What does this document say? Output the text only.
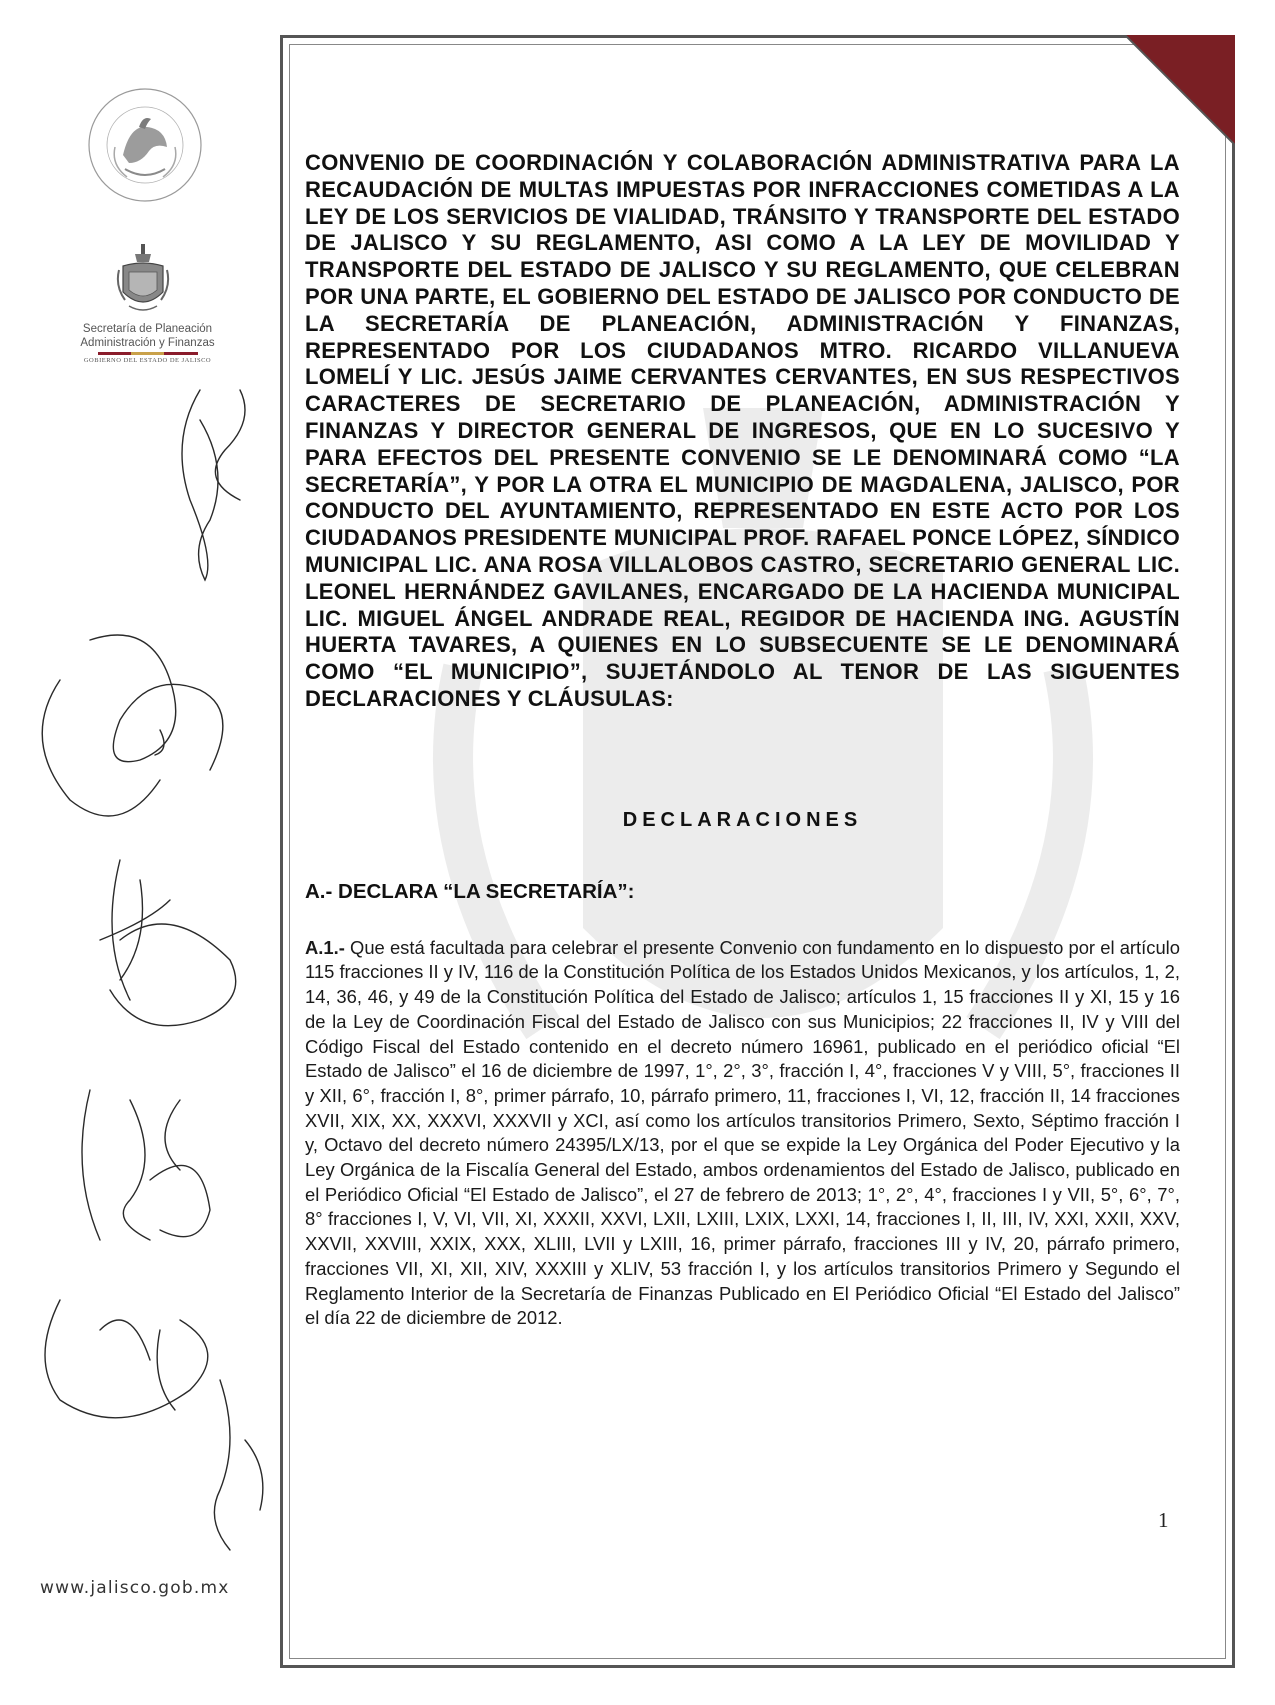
Secretaría de Planeación
Administración y Finanzas
GOBIERNO DEL ESTADO DE JALISCO
www.jalisco.gob.mx

CONVENIO DE COORDINACIÓN Y COLABORACIÓN ADMINISTRATIVA PARA LA RECAUDACIÓN DE MULTAS IMPUESTAS POR INFRACCIONES COMETIDAS A LA LEY DE LOS SERVICIOS DE VIALIDAD, TRÁNSITO Y TRANSPORTE DEL ESTADO DE JALISCO Y SU REGLAMENTO, ASI COMO A LA LEY DE MOVILIDAD Y TRANSPORTE DEL ESTADO DE JALISCO Y SU REGLAMENTO, QUE CELEBRAN POR UNA PARTE, EL GOBIERNO DEL ESTADO DE JALISCO POR CONDUCTO DE LA SECRETARÍA DE PLANEACIÓN, ADMINISTRACIÓN Y FINANZAS, REPRESENTADO POR LOS CIUDADANOS MTRO. RICARDO VILLANUEVA LOMELÍ Y LIC. JESÚS JAIME CERVANTES CERVANTES, EN SUS RESPECTIVOS CARACTERES DE SECRETARIO DE PLANEACIÓN, ADMINISTRACIÓN Y FINANZAS Y DIRECTOR GENERAL DE INGRESOS, QUE EN LO SUCESIVO Y PARA EFECTOS DEL PRESENTE CONVENIO SE LE DENOMINARÁ COMO “LA SECRETARÍA”, Y POR LA OTRA EL MUNICIPIO DE MAGDALENA, JALISCO, POR CONDUCTO DEL AYUNTAMIENTO, REPRESENTADO EN ESTE ACTO POR LOS CIUDADANOS PRESIDENTE MUNICIPAL PROF. RAFAEL PONCE LÓPEZ, SÍNDICO MUNICIPAL LIC. ANA ROSA VILLALOBOS CASTRO, SECRETARIO GENERAL LIC. LEONEL HERNÁNDEZ GAVILANES, ENCARGADO DE LA HACIENDA MUNICIPAL LIC. MIGUEL ÁNGEL ANDRADE REAL, REGIDOR DE HACIENDA ING. AGUSTÍN HUERTA TAVARES, A QUIENES EN LO SUBSECUENTE SE LE DENOMINARÁ COMO “EL MUNICIPIO”, SUJETÁNDOLO AL TENOR DE LAS SIGUENTES DECLARACIONES Y CLÁUSULAS:

DECLARACIONES
A.- DECLARA “LA SECRETARÍA”:

A.1.- Que está facultada para celebrar el presente Convenio con fundamento en lo dispuesto por el artículo 115 fracciones II y IV, 116 de la Constitución Política de los Estados Unidos Mexicanos, y los artículos, 1, 2, 14, 36, 46, y 49 de la Constitución Política del Estado de Jalisco; artículos 1, 15 fracciones II y XI, 15 y 16 de la Ley de Coordinación Fiscal del Estado de Jalisco con sus Municipios; 22 fracciones II, IV y VIII del Código Fiscal del Estado contenido en el decreto número 16961, publicado en el periódico oficial “El Estado de Jalisco” el 16 de diciembre de 1997, 1°, 2°, 3°, fracción I, 4°, fracciones V y VIII, 5°, fracciones II y XII, 6°, fracción I, 8°, primer párrafo, 10, párrafo primero, 11, fracciones I, VI, 12, fracción II, 14 fracciones XVII, XIX, XX, XXXVI, XXXVII y XCI, así como los artículos transitorios Primero, Sexto, Séptimo fracción I y, Octavo del decreto número 24395/LX/13, por el que se expide la Ley Orgánica del Poder Ejecutivo y la Ley Orgánica de la Fiscalía General del Estado, ambos ordenamientos del Estado de Jalisco, publicado en el Periódico Oficial “El Estado de Jalisco”, el 27 de febrero de 2013; 1°, 2°, 4°, fracciones I y VII, 5°, 6°, 7°, 8° fracciones I, V, VI, VII, XI, XXXII, XXVI, LXII, LXIII, LXIX, LXXI, 14, fracciones I, II, III, IV, XXI, XXII, XXV, XXVII, XXVIII, XXIX, XXX, XLIII, LVII y LXIII, 16, primer párrafo, fracciones III y IV, 20, párrafo primero, fracciones VII, XI, XII, XIV, XXXIII y XLIV, 53 fracción I, y los artículos transitorios Primero y Segundo el Reglamento Interior de la Secretaría de Finanzas Publicado en El Periódico Oficial “El Estado del Jalisco” el día 22 de diciembre de 2012.

1
